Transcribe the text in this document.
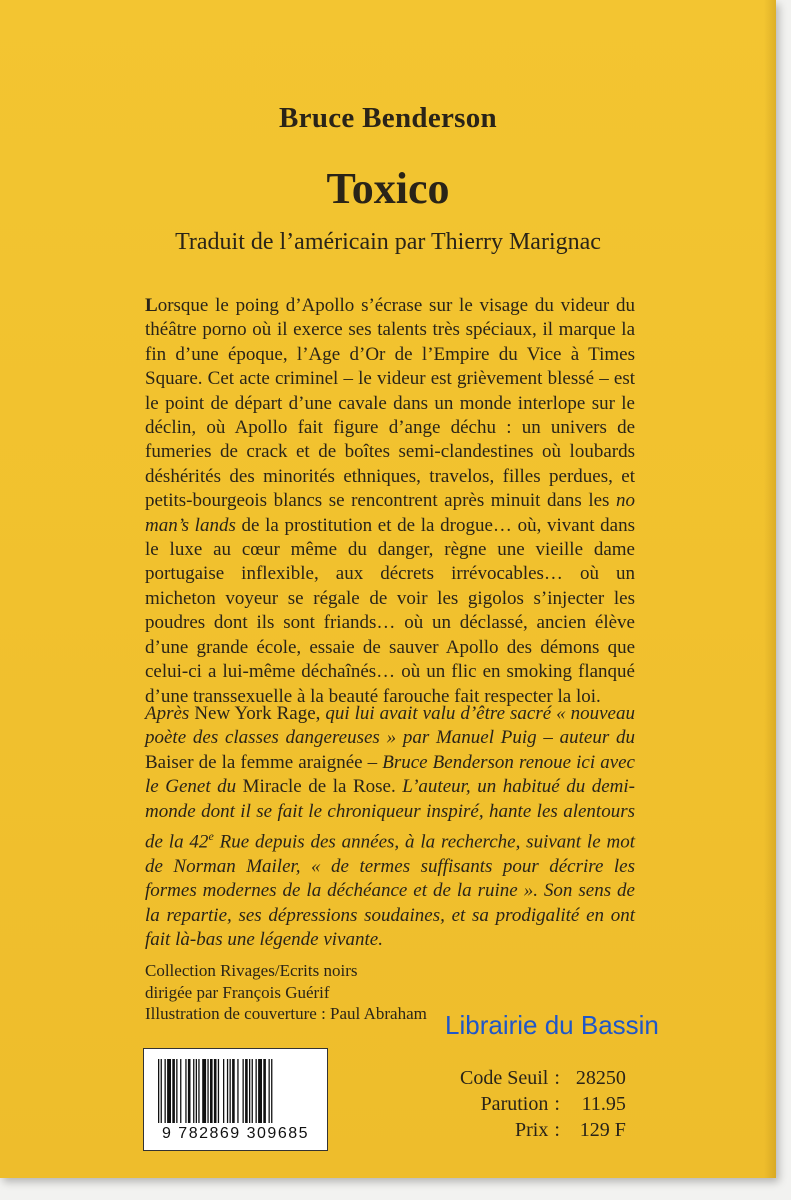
Bruce Benderson
Toxico
Traduit de l’américain par Thierry Marignac
Lorsque le poing d’Apollo s’écrase sur le visage du videur du théâtre porno où il exerce ses talents très spéciaux, il marque la fin d’une époque, l’Age d’Or de l’Empire du Vice à Times Square. Cet acte criminel – le videur est grièvement blessé – est le point de départ d’une cavale dans un monde interlope sur le déclin, où Apollo fait figure d’ange déchu : un univers de fumeries de crack et de boîtes semi-clandestines où loubards déshérités des minorités ethniques, travelos, filles perdues, et petits-bourgeois blancs se rencontrent après minuit dans les no man’s lands de la prostitution et de la drogue… où, vivant dans le luxe au cœur même du danger, règne une vieille dame portugaise inflexible, aux décrets irrévocables… où un micheton voyeur se régale de voir les gigolos s’injecter les poudres dont ils sont friands… où un déclassé, ancien élève d’une grande école, essaie de sauver Apollo des démons que celui-ci a lui-même déchaînés… où un flic en smoking flanqué d’une transsexuelle à la beauté farouche fait respecter la loi.
Après New York Rage, qui lui avait valu d’être sacré « nouveau poète des classes dangereuses » par Manuel Puig – auteur du Baiser de la femme araignée – Bruce Benderson renoue ici avec le Genet du Miracle de la Rose. L’auteur, un habitué du demi-monde dont il se fait le chroniqueur inspiré, hante les alentours de la 42e Rue depuis des années, à la recherche, suivant le mot de Norman Mailer, « de termes suffisants pour décrire les formes modernes de la déchéance et de la ruine ». Son sens de la repartie, ses dépressions soudaines, et sa prodigalité en ont fait là-bas une légende vivante.
Collection Rivages/Ecrits noirs
dirigée par François Guérif
Illustration de couverture : Paul Abraham
9 782869 309685
Code Seuil : 28250
Parution :	11.95
Prix : 129 F
Librairie du Bassin
